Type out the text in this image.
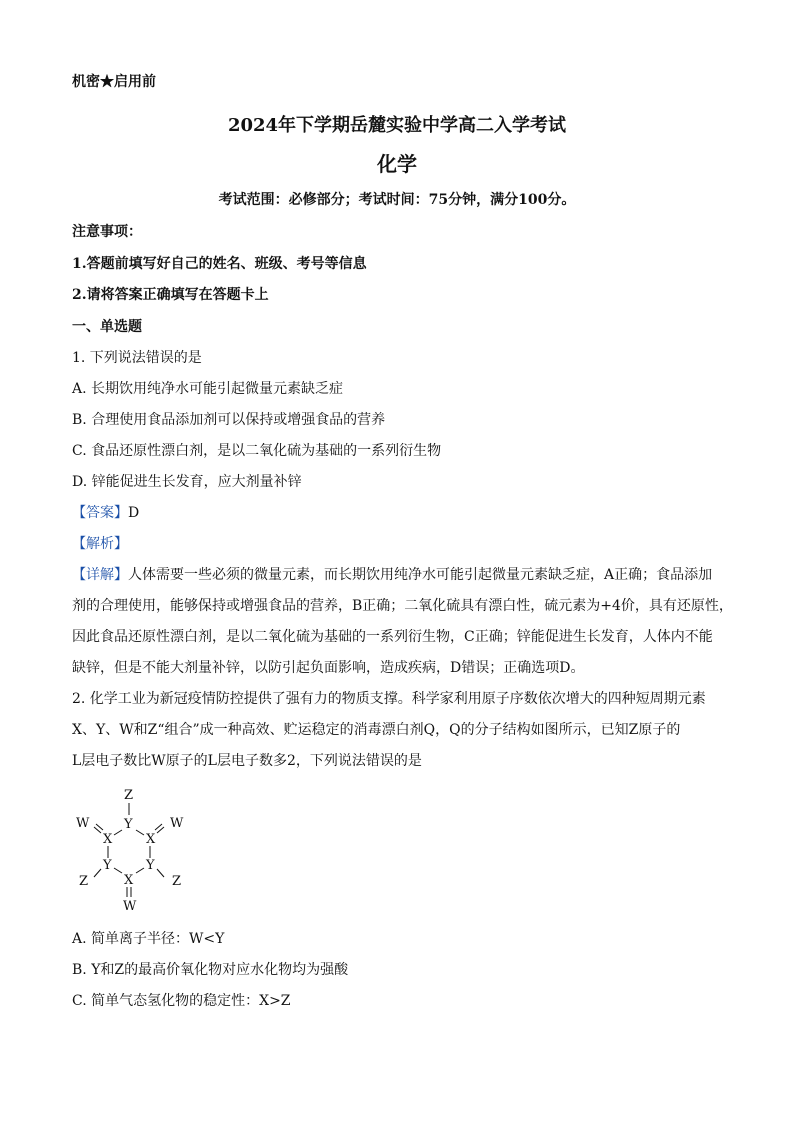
机密★启用前
2024年下学期岳麓实验中学高二入学考试
化学
考试范围：必修部分；考试时间：75分钟，满分100分。
注意事项：
1.答题前填写好自己的姓名、班级、考号等信息
2.请将答案正确填写在答题卡上
一、单选题
1. 下列说法错误的是
A. 长期饮用纯净水可能引起微量元素缺乏症
B. 合理使用食品添加剂可以保持或增强食品的营养
C. 食品还原性漂白剂，是以二氧化硫为基础的一系列衍生物
D. 锌能促进生长发育，应大剂量补锌
【答案】D
【解析】
【详解】人体需要一些必须的微量元素，而长期饮用纯净水可能引起微量元素缺乏症，A正确；食品添加
剂的合理使用，能够保持或增强食品的营养，B正确；二氧化硫具有漂白性，硫元素为+4价，具有还原性，
因此食品还原性漂白剂，是以二氧化硫为基础的一系列衍生物，C正确；锌能促进生长发育，人体内不能
缺锌，但是不能大剂量补锌，以防引起负面影响，造成疾病，D错误；正确选项D。
2. 化学工业为新冠疫情防控提供了强有力的物质支撑。科学家利用原子序数依次增大的四种短周期元素
X、Y、W和Z“组合”成一种高效、贮运稳定的消毒漂白剂Q，Q的分子结构如图所示，已知Z原子的
L层电子数比W原子的L层电子数多2，下列说法错误的是
Z
Y
W
X	X
W
Y	Y
Z	X	Z
W
A. 简单离子半径：W<Y
B. Y和Z的最高价氧化物对应水化物均为强酸
C. 简单气态氢化物的稳定性：X>Z
